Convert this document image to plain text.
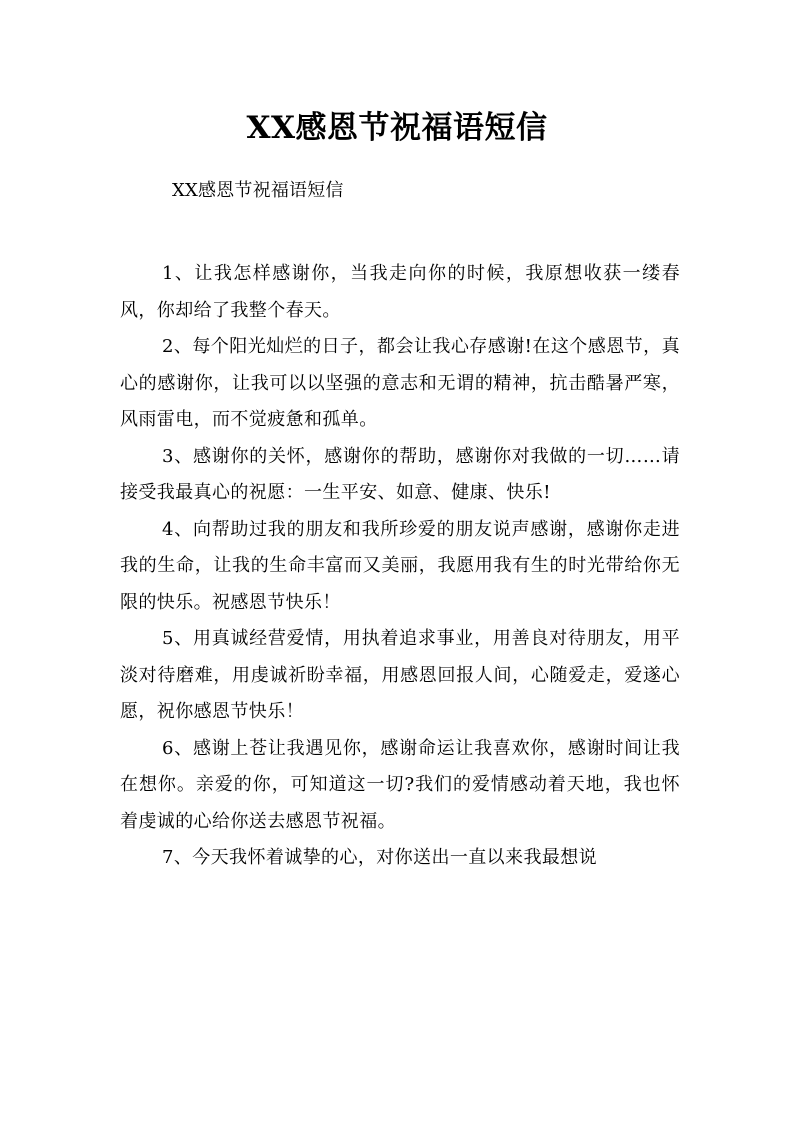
XX感恩节祝福语短信
XX感恩节祝福语短信

1、让我怎样感谢你，当我走向你的时候，我原想收获一缕春风，你却给了我整个春天。

2、每个阳光灿烂的日子，都会让我心存感谢!在这个感恩节，真心的感谢你，让我可以以坚强的意志和无谓的精神，抗击酷暑严寒，风雨雷电，而不觉疲惫和孤单。

3、感谢你的关怀，感谢你的帮助，感谢你对我做的一切……请接受我最真心的祝愿：一生平安、如意、健康、快乐!

4、向帮助过我的朋友和我所珍爱的朋友说声感谢，感谢你走进我的生命，让我的生命丰富而又美丽，我愿用我有生的时光带给你无限的快乐。祝感恩节快乐！

5、用真诚经营爱情，用执着追求事业，用善良对待朋友，用平淡对待磨难，用虔诚祈盼幸福，用感恩回报人间，心随爱走，爱遂心愿，祝你感恩节快乐！

6、感谢上苍让我遇见你，感谢命运让我喜欢你，感谢时间让我在想你。亲爱的你，可知道这一切?我们的爱情感动着天地，我也怀着虔诚的心给你送去感恩节祝福。

7、今天我怀着诚挚的心，对你送出一直以来我最想说
